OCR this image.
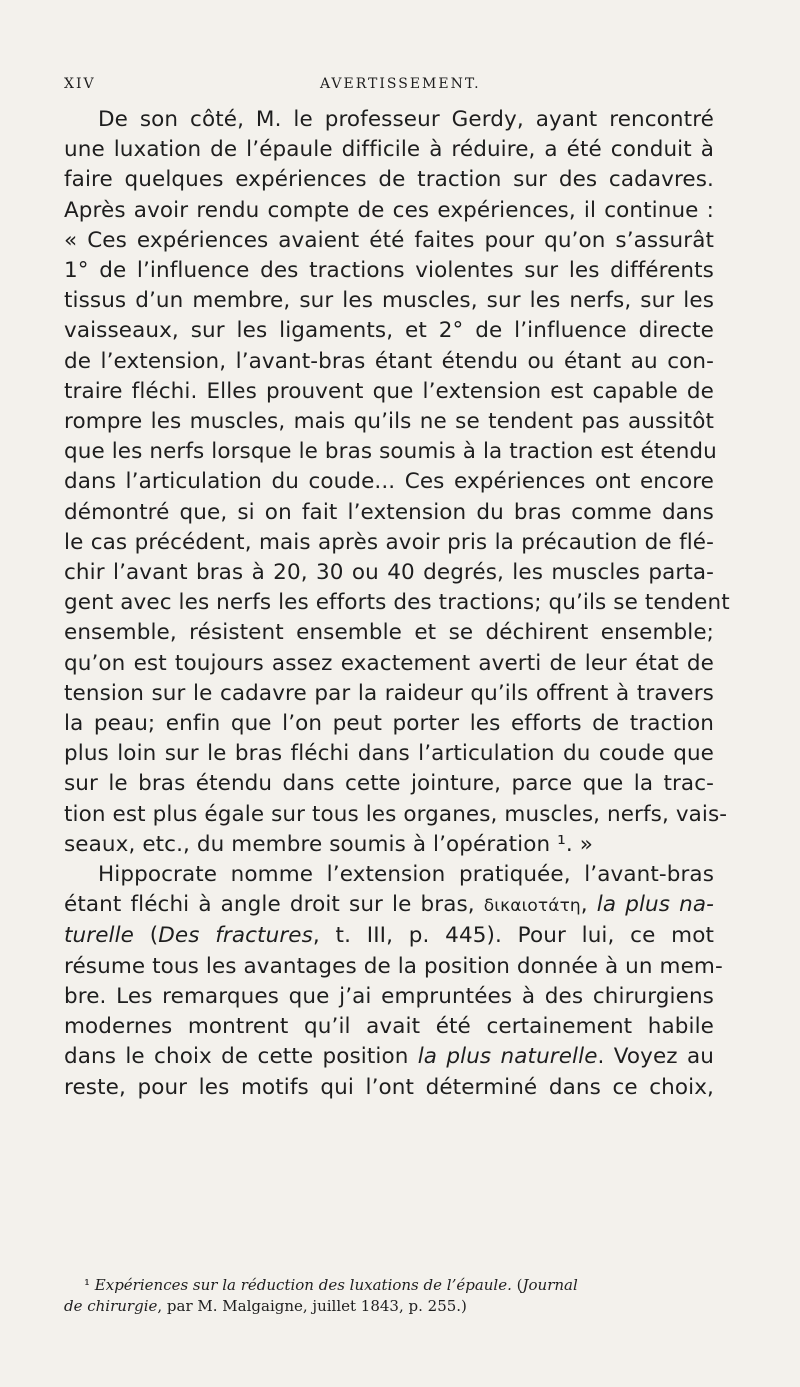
XIV	AVERTISSEMENT.
De son côté, M. le professeur Gerdy, ayant rencontré
une luxation de l’épaule difficile à réduire, a été conduit à
faire quelques expériences de traction sur des cadavres.
Après avoir rendu compte de ces expériences, il continue :
« Ces expériences avaient été faites pour qu’on s’assurât
1° de l’influence des tractions violentes sur les différents
tissus d’un membre, sur les muscles, sur les nerfs, sur les
vaisseaux, sur les ligaments, et 2° de l’influence directe
de l’extension, l’avant-bras étant étendu ou étant au con-
traire fléchi. Elles prouvent que l’extension est capable de
rompre les muscles, mais qu’ils ne se tendent pas aussitôt
que les nerfs lorsque le bras soumis à la traction est étendu
dans l’articulation du coude... Ces expériences ont encore
démontré que, si on fait l’extension du bras comme dans
le cas précédent, mais après avoir pris la précaution de flé-
chir l’avant bras à 20, 30 ou 40 degrés, les muscles parta-
gent avec les nerfs les efforts des tractions; qu’ils se tendent
ensemble, résistent ensemble et se déchirent ensemble;
qu’on est toujours assez exactement averti de leur état de
tension sur le cadavre par la raideur qu’ils offrent à travers
la peau; enfin que l’on peut porter les efforts de traction
plus loin sur le bras fléchi dans l’articulation du coude que
sur le bras étendu dans cette jointure, parce que la trac-
tion est plus égale sur tous les organes, muscles, nerfs, vais-
seaux, etc., du membre soumis à l’opération ¹. »
Hippocrate nomme l’extension pratiquée, l’avant-bras
étant fléchi à angle droit sur le bras, δικαιοτάτη, la plus na-
turelle (Des fractures, t. III, p. 445). Pour lui, ce mot
résume tous les avantages de la position donnée à un mem-
bre. Les remarques que j’ai empruntées à des chirurgiens
modernes montrent qu’il avait été certainement habile
dans le choix de cette position la plus naturelle. Voyez au
reste, pour les motifs qui l’ont déterminé dans ce choix,
¹ Expériences sur la réduction des luxations de l’épaule. (Journal
de chirurgie, par M. Malgaigne, juillet 1843, p. 255.)
